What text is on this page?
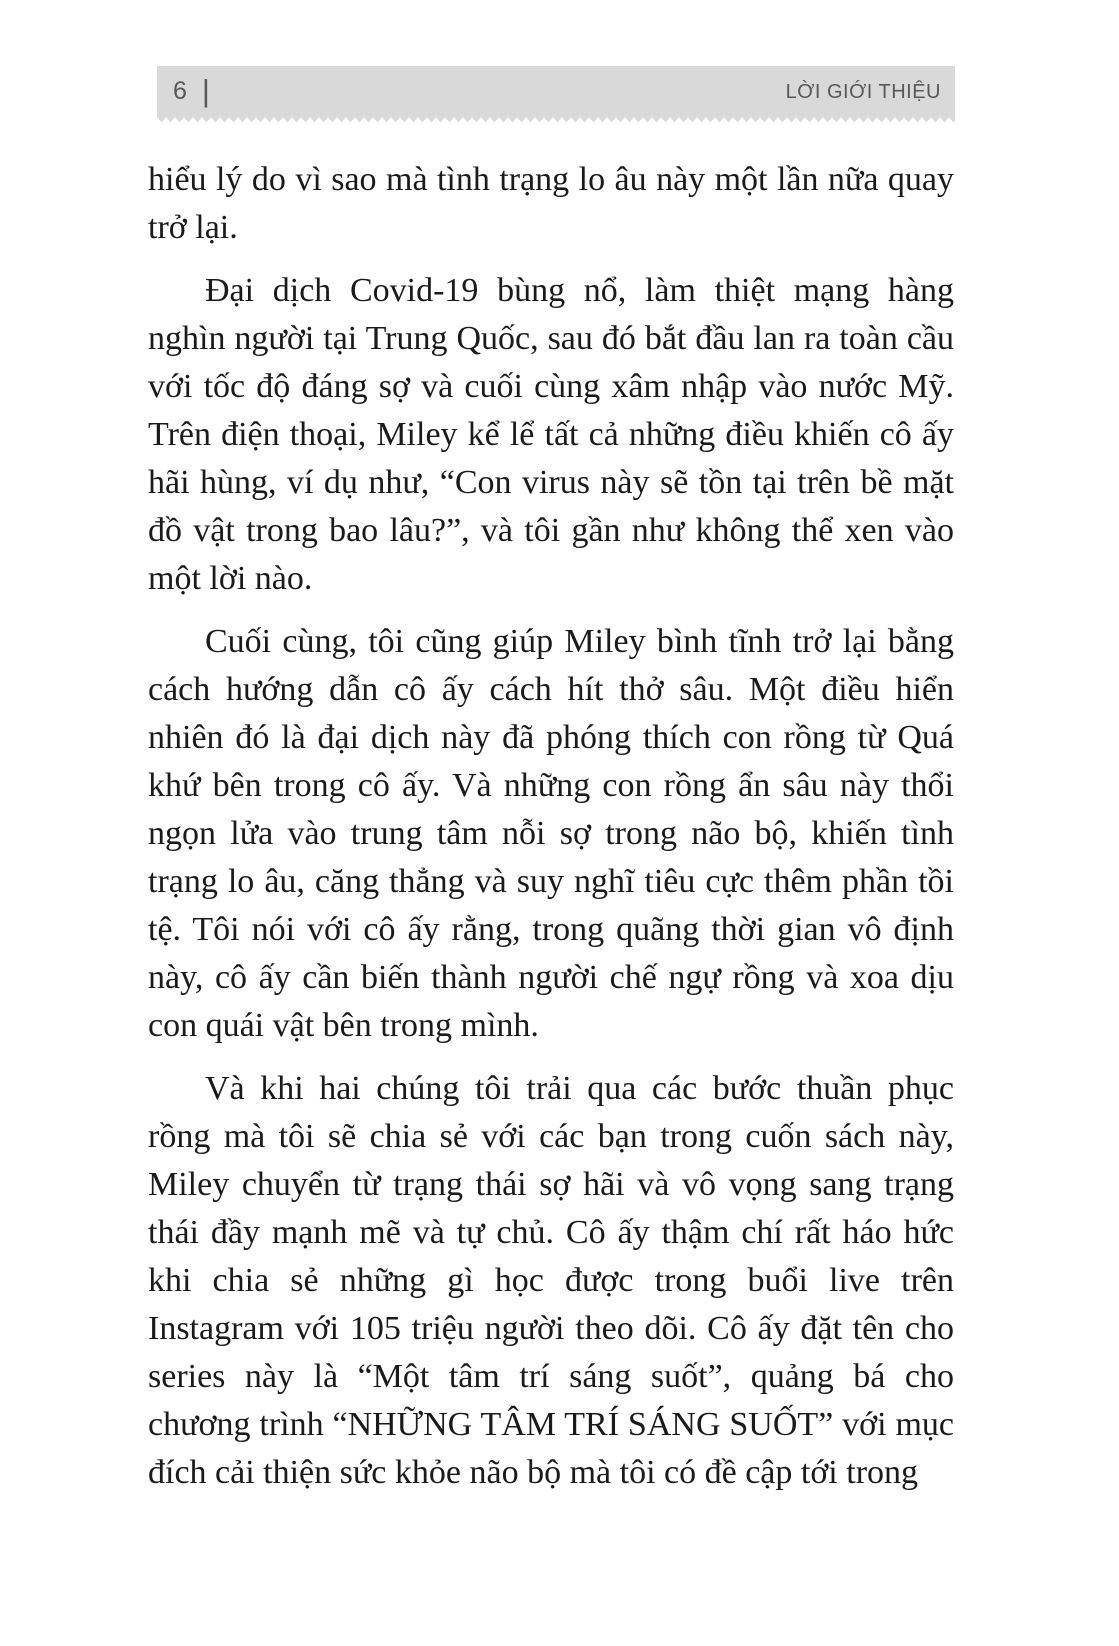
6 |	LỜI GIỚI THIỆU

hiểu lý do vì sao mà tình trạng lo âu này một lần nữa quay trở lại.

Đại dịch Covid-19 bùng nổ, làm thiệt mạng hàng nghìn người tại Trung Quốc, sau đó bắt đầu lan ra toàn cầu với tốc độ đáng sợ và cuối cùng xâm nhập vào nước Mỹ. Trên điện thoại, Miley kể lể tất cả những điều khiến cô ấy hãi hùng, ví dụ như, “Con virus này sẽ tồn tại trên bề mặt đồ vật trong bao lâu?”, và tôi gần như không thể xen vào một lời nào.

Cuối cùng, tôi cũng giúp Miley bình tĩnh trở lại bằng cách hướng dẫn cô ấy cách hít thở sâu. Một điều hiển nhiên đó là đại dịch này đã phóng thích con rồng từ Quá khứ bên trong cô ấy. Và những con rồng ẩn sâu này thổi ngọn lửa vào trung tâm nỗi sợ trong não bộ, khiến tình trạng lo âu, căng thẳng và suy nghĩ tiêu cực thêm phần tồi tệ. Tôi nói với cô ấy rằng, trong quãng thời gian vô định này, cô ấy cần biến thành người chế ngự rồng và xoa dịu con quái vật bên trong mình.

Và khi hai chúng tôi trải qua các bước thuần phục rồng mà tôi sẽ chia sẻ với các bạn trong cuốn sách này, Miley chuyển từ trạng thái sợ hãi và vô vọng sang trạng thái đầy mạnh mẽ và tự chủ. Cô ấy thậm chí rất háo hức khi chia sẻ những gì học được trong buổi live trên Instagram với 105 triệu người theo dõi. Cô ấy đặt tên cho series này là “Một tâm trí sáng suốt”, quảng bá cho chương trình “NHỮNG TÂM TRÍ SÁNG SUỐT” với mục đích cải thiện sức khỏe não bộ mà tôi có đề cập tới trong
